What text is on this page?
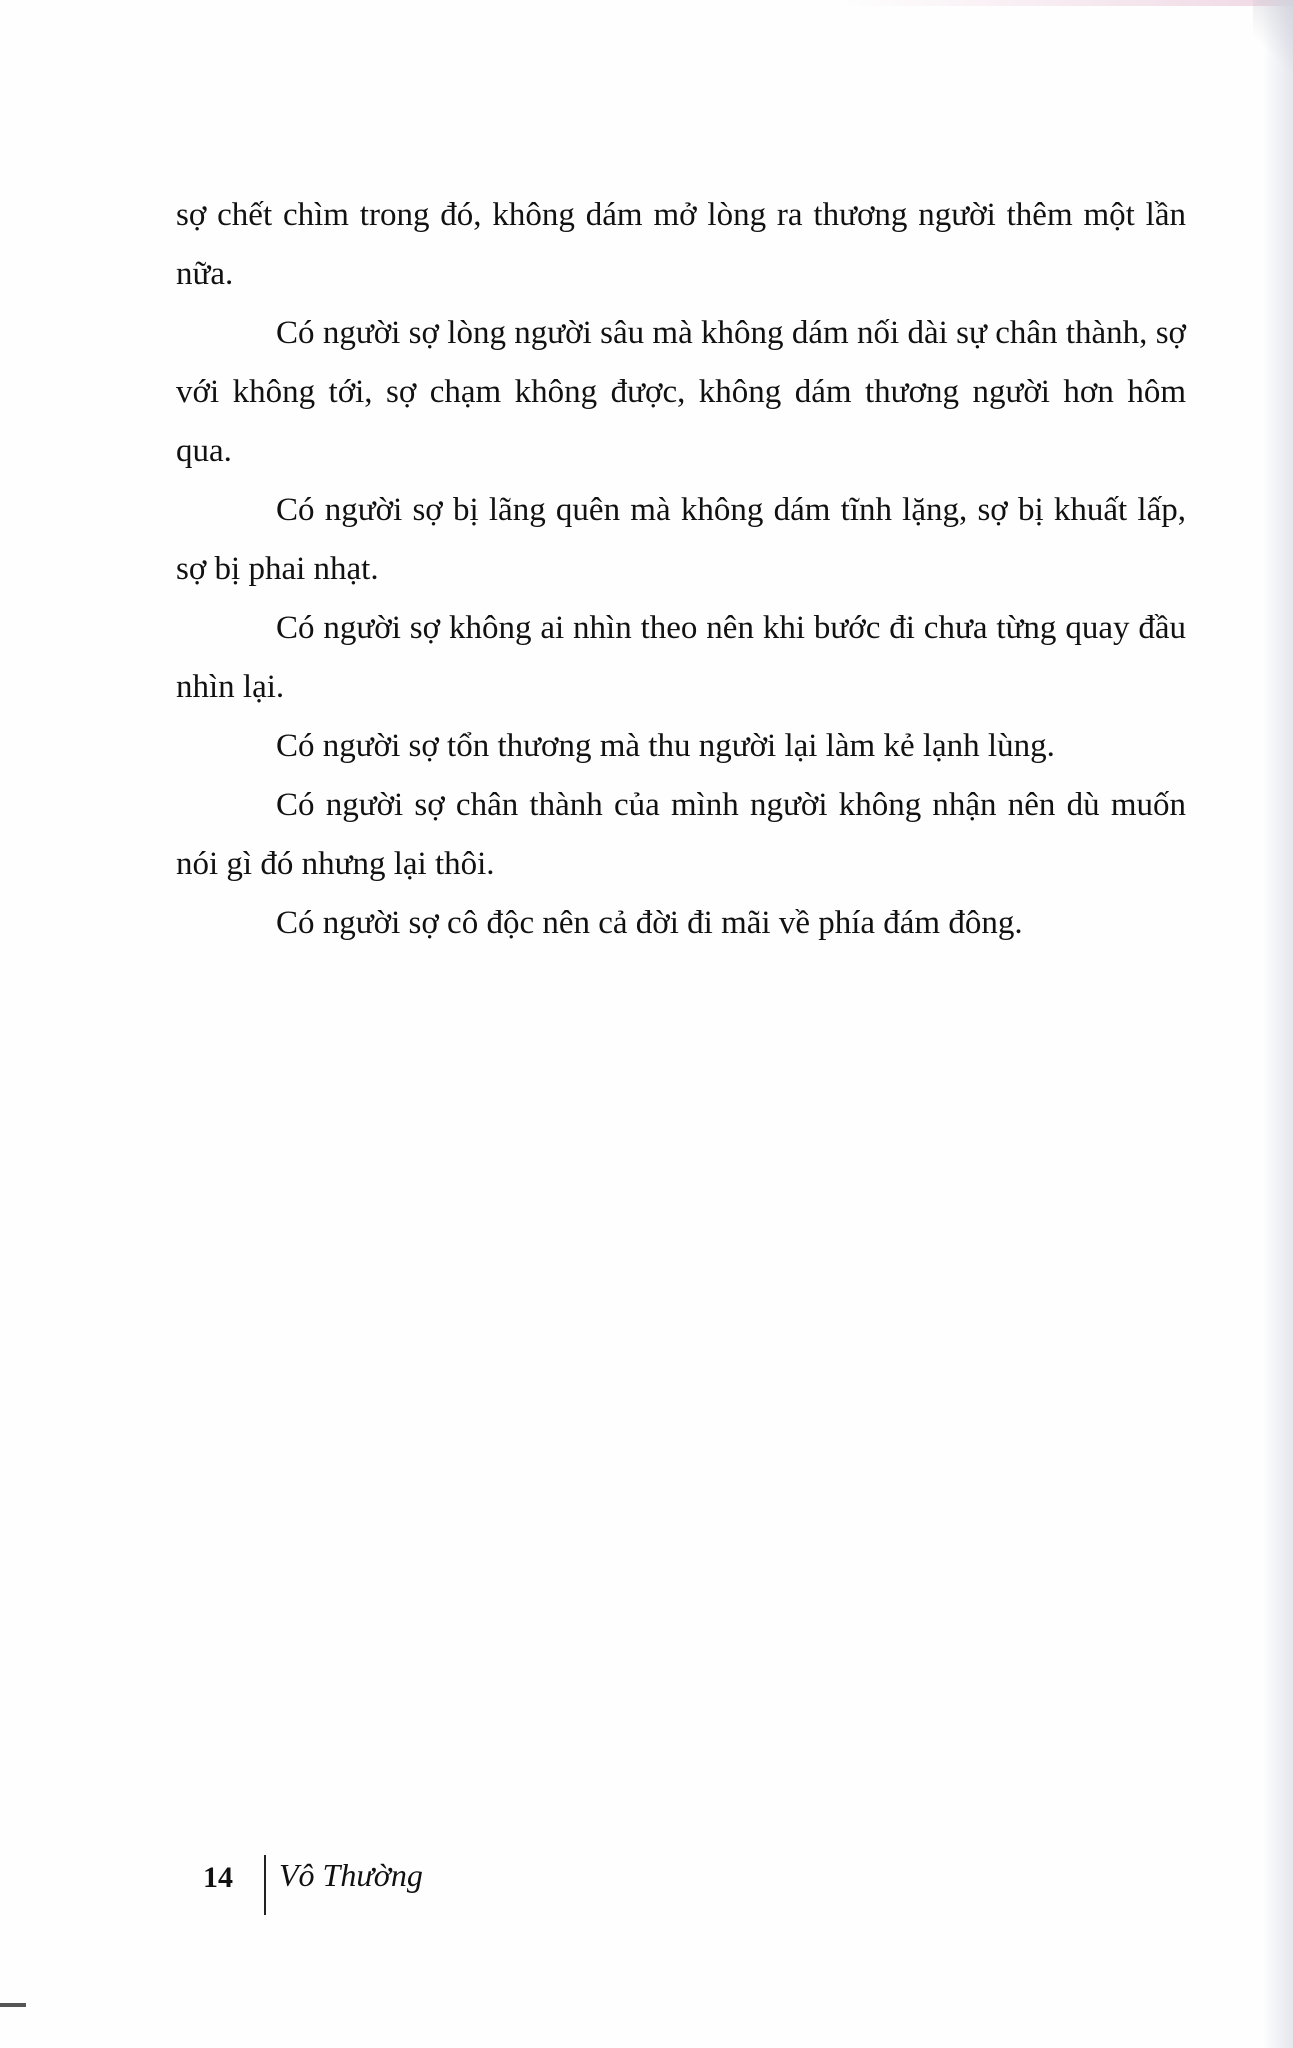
sợ chết chìm trong đó, không dám mở lòng ra thương người thêm một lần nữa.

Có người sợ lòng người sâu mà không dám nối dài sự chân thành, sợ với không tới, sợ chạm không được, không dám thương người hơn hôm qua.

Có người sợ bị lãng quên mà không dám tĩnh lặng, sợ bị khuất lấp, sợ bị phai nhạt.

Có người sợ không ai nhìn theo nên khi bước đi chưa từng quay đầu nhìn lại.

Có người sợ tổn thương mà thu người lại làm kẻ lạnh lùng.

Có người sợ chân thành của mình người không nhận nên dù muốn nói gì đó nhưng lại thôi.

Có người sợ cô độc nên cả đời đi mãi về phía đám đông.

14 Vô Thường
